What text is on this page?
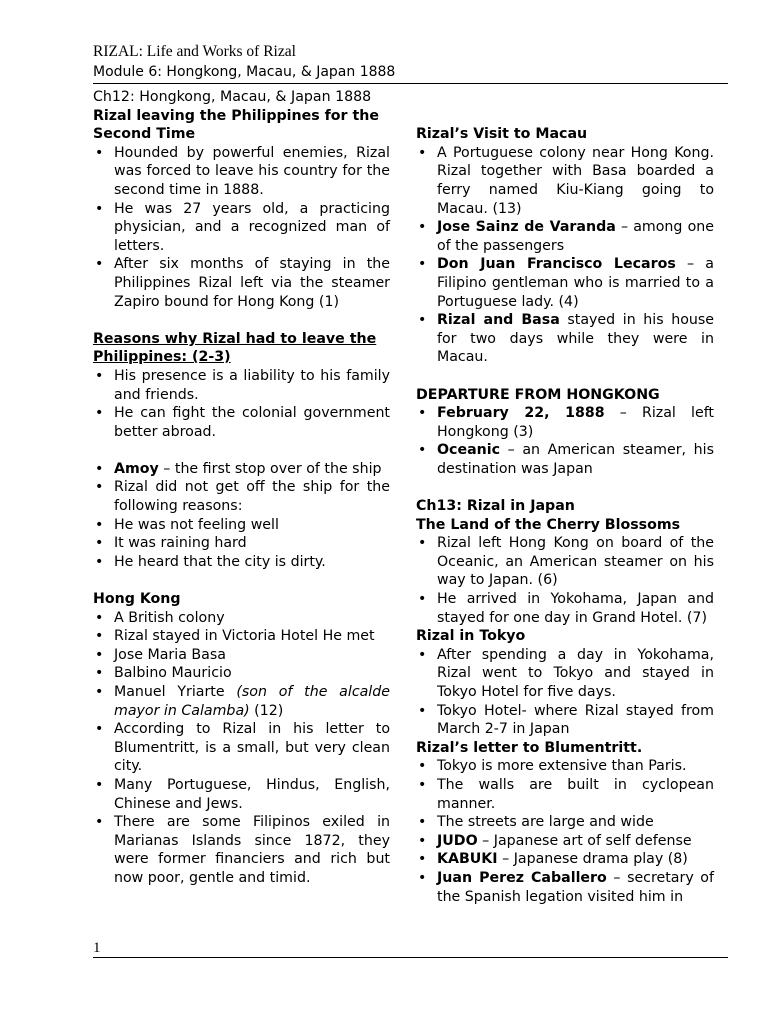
RIZAL: Life and Works of Rizal
Module 6: Hongkong, Macau, & Japan 1888
Ch12: Hongkong, Macau, & Japan 1888
Rizal leaving the Philippines for the Second Time
• Hounded by powerful enemies, Rizal was forced to leave his country for the second time in 1888.
• He was 27 years old, a practicing physician, and a recognized man of letters.
• After six months of staying in the Philippines Rizal left via the steamer Zapiro bound for Hong Kong (1)
Reasons why Rizal had to leave the Philippines: (2-3)
• His presence is a liability to his family and friends.
• He can fight the colonial government better abroad.
• Amoy – the first stop over of the ship
• Rizal did not get off the ship for the following reasons:
• He was not feeling well
• It was raining hard
• He heard that the city is dirty.
Hong Kong
• A British colony
• Rizal stayed in Victoria Hotel He met
• Jose Maria Basa
• Balbino Mauricio
• Manuel Yriarte (son of the alcalde mayor in Calamba) (12)
• According to Rizal in his letter to Blumentritt, is a small, but very clean city.
• Many Portuguese, Hindus, English, Chinese and Jews.
• There are some Filipinos exiled in Marianas Islands since 1872, they were former financiers and rich but now poor, gentle and timid.
Rizal’s Visit to Macau
• A Portuguese colony near Hong Kong. Rizal together with Basa boarded a ferry named Kiu-Kiang going to Macau. (13)
• Jose Sainz de Varanda – among one of the passengers
• Don Juan Francisco Lecaros – a Filipino gentleman who is married to a Portuguese lady. (4)
• Rizal and Basa stayed in his house for two days while they were in Macau.
DEPARTURE FROM HONGKONG
• February 22, 1888 – Rizal left Hongkong (3)
• Oceanic – an American steamer, his destination was Japan
Ch13: Rizal in Japan
The Land of the Cherry Blossoms
• Rizal left Hong Kong on board of the Oceanic, an American steamer on his way to Japan. (6)
• He arrived in Yokohama, Japan and stayed for one day in Grand Hotel. (7)
Rizal in Tokyo
• After spending a day in Yokohama, Rizal went to Tokyo and stayed in Tokyo Hotel for five days.
• Tokyo Hotel- where Rizal stayed from March 2-7 in Japan
Rizal’s letter to Blumentritt.
• Tokyo is more extensive than Paris.
• The walls are built in cyclopean manner.
• The streets are large and wide
• JUDO – Japanese art of self defense
• KABUKI – Japanese drama play (8)
• Juan Perez Caballero – secretary of the Spanish legation visited him in
1
